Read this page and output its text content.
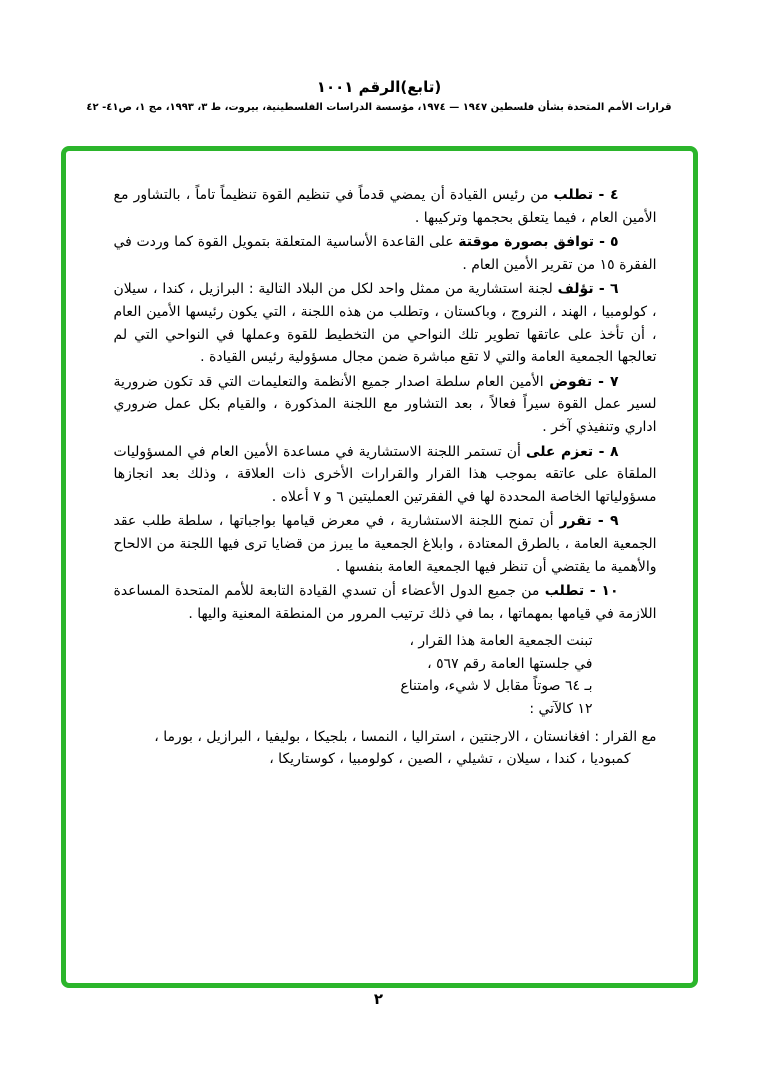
(تابع)الرقم ١٠٠١
قرارات الأمم المتحدة بشأن فلسطين ١٩٤٧ — ١٩٧٤، مؤسسة الدراسات الفلسطينية، بيروت، ط ٣، ١٩٩٣، مج ١، ص٤١- ٤٢

٤ - تطلب من رئيس القيادة أن يمضي قدماً في تنظيم القوة تنظيماً تاماً ، بالتشاور مع الأمين العام ، فيما يتعلق بحجمها وتركيبها .

٥ - توافق بصورة موقتة على القاعدة الأساسية المتعلقة بتمويل القوة كما وردت في الفقرة ١٥ من تقرير الأمين العام .

٦ - تؤلف لجنة استشارية من ممثل واحد لكل من البلاد التالية : البرازيل ، كندا ، سيلان ، كولومبيا ، الهند ، النروج ، وباكستان ، وتطلب من هذه اللجنة ، التي يكون رئيسها الأمين العام ، أن تأخذ على عاتقها تطوير تلك النواحي من التخطيط للقوة وعملها في النواحي التي لم تعالجها الجمعية العامة والتي لا تقع مباشرة ضمن مجال مسؤولية رئيس القيادة .

٧ - تفوض الأمين العام سلطة اصدار جميع الأنظمة والتعليمات التي قد تكون ضرورية لسير عمل القوة سيراً فعالاً ، بعد التشاور مع اللجنة المذكورة ، والقيام بكل عمل ضروري اداري وتنفيذي آخر .

٨ - تعزم على أن تستمر اللجنة الاستشارية في مساعدة الأمين العام في المسؤوليات الملقاة على عاتقه بموجب هذا القرار والقرارات الأخرى ذات العلاقة ، وذلك بعد انجازها مسؤولياتها الخاصة المحددة لها في الفقرتين العمليتين ٦ و ٧ أعلاه .

٩ - تقرر أن تمنح اللجنة الاستشارية ، في معرض قيامها بواجباتها ، سلطة طلب عقد الجمعية العامة ، بالطرق المعتادة ، وابلاغ الجمعية ما يبرز من قضايا ترى فيها اللجنة من الالحاح والأهمية ما يقتضي أن تنظر فيها الجمعية العامة بنفسها .

١٠ - تطلب من جميع الدول الأعضاء أن تسدي القيادة التابعة للأمم المتحدة المساعدة اللازمة في قيامها بمهماتها ، بما في ذلك ترتيب المرور من المنطقة المعنية واليها .

تبنت الجمعية العامة هذا القرار ،
في جلستها العامة رقم ٥٦٧ ،
بـ ٦٤ صوتاً مقابل لا شيء، وامتناع
١٢ كالآتي :

مع القرار : افغانستان ، الارجنتين ، استراليا ، النمسا ، بلجيكا ، بوليفيا ، البرازيل ، بورما ، كمبوديا ، كندا ، سيلان ، تشيلي ، الصين ، كولومبيا ، كوستاريكا ،

٢
